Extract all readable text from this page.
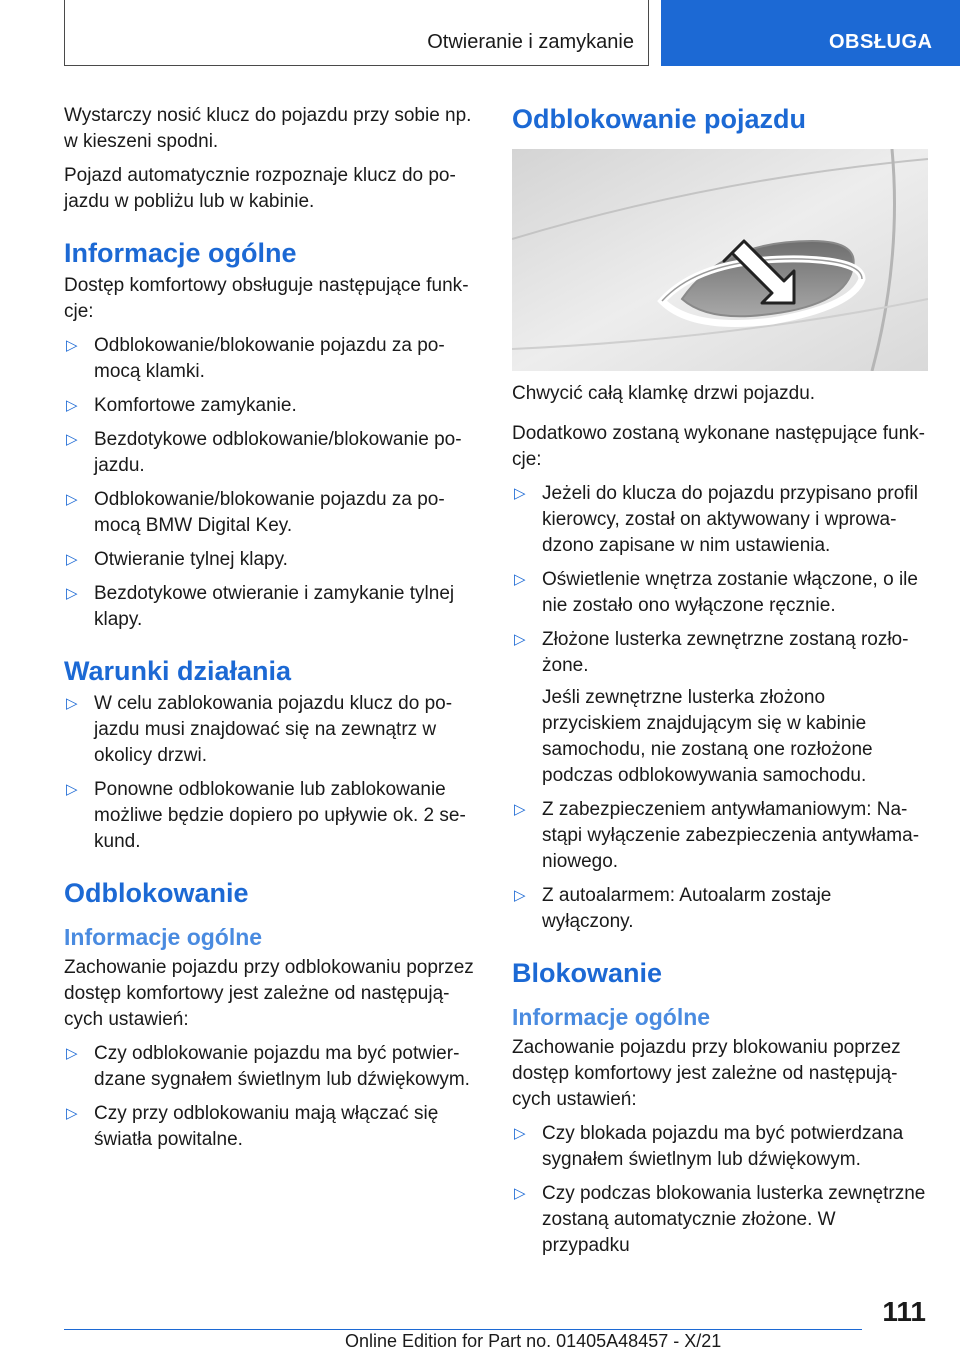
Otwieranie i zamykanie	OBSŁUGA

Wystarczy nosić klucz do pojazdu przy sobie np. w kieszeni spodni.

Pojazd automatycznie rozpoznaje klucz do pojazdu w pobliżu lub w kabinie.

Informacje ogólne

Dostęp komfortowy obsługuje następujące funkcje:

▷ Odblokowanie/blokowanie pojazdu za pomocą klamki.
▷ Komfortowe zamykanie.
▷ Bezdotykowe odblokowanie/blokowanie pojazdu.
▷ Odblokowanie/blokowanie pojazdu za pomocą BMW Digital Key.
▷ Otwieranie tylnej klapy.
▷ Bezdotykowe otwieranie i zamykanie tylnej klapy.
Warunki działania
▷ W celu zablokowania pojazdu klucz do pojazdu musi znajdować się na zewnątrz w okolicy drzwi.
▷ Ponowne odblokowanie lub zablokowanie możliwe będzie dopiero po upływie ok. 2 sekund.
Odblokowanie
Informacje ogólne

Zachowanie pojazdu przy odblokowaniu poprzez dostęp komfortowy jest zależne od następujących ustawień:

▷ Czy odblokowanie pojazdu ma być potwierdzane sygnałem świetlnym lub dźwiękowym.
▷ Czy przy odblokowaniu mają włączać się światła powitalne.
Odblokowanie pojazdu

Chwycić całą klamkę drzwi pojazdu.

Dodatkowo zostaną wykonane następujące funkcje:

▷ Jeżeli do klucza do pojazdu przypisano profil kierowcy, został on aktywowany i wprowadzono zapisane w nim ustawienia.
▷ Oświetlenie wnętrza zostanie włączone, o ile nie zostało ono wyłączone ręcznie.
▷ Złożone lusterka zewnętrzne zostaną rozłożone.
Jeśli zewnętrzne lusterka złożono przyciskiem znajdującym się w kabinie samochodu, nie zostaną one rozłożone podczas odblokowywania samochodu.
▷ Z zabezpieczeniem antywłamaniowym: Nastąpi wyłączenie zabezpieczenia antywłamaniowego.
▷ Z autoalarmem: Autoalarm zostaje wyłączony.
Blokowanie
Informacje ogólne

Zachowanie pojazdu przy blokowaniu poprzez dostęp komfortowy jest zależne od następujących ustawień:

▷ Czy blokada pojazdu ma być potwierdzana sygnałem świetlnym lub dźwiękowym.
▷ Czy podczas blokowania lusterka zewnętrzne zostaną automatycznie złożone. W przypadku
111
Online Edition for Part no. 01405A48457 - X/21
